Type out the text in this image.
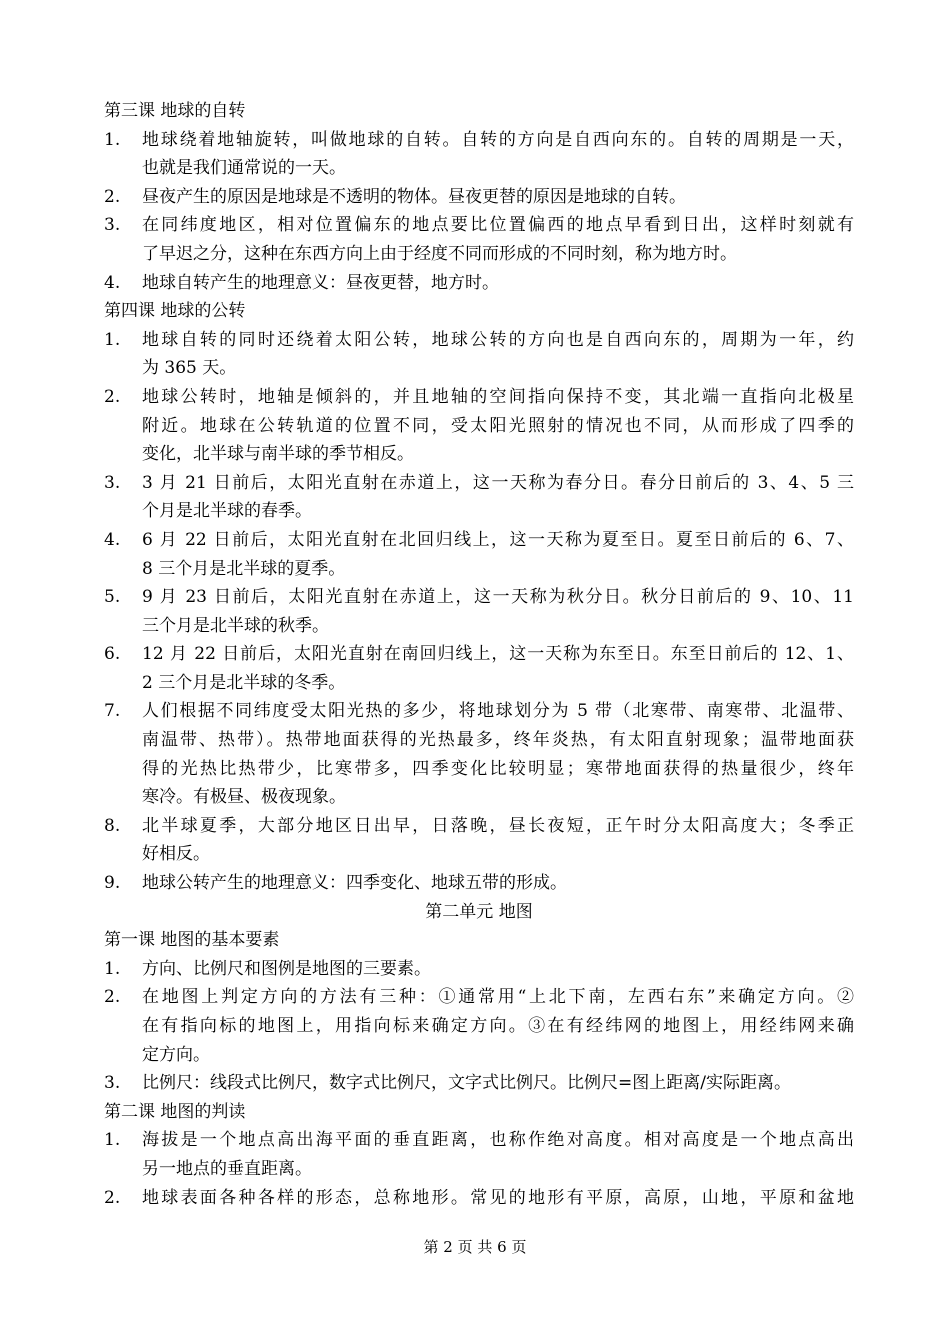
第三课 地球的自转
1.	地球绕着地轴旋转，叫做地球的自转。自转的方向是自西向东的。自转的周期是一天，
也就是我们通常说的一天。
2.	昼夜产生的原因是地球是不透明的物体。昼夜更替的原因是地球的自转。
3.	在同纬度地区，相对位置偏东的地点要比位置偏西的地点早看到日出，这样时刻就有
了早迟之分，这种在东西方向上由于经度不同而形成的不同时刻，称为地方时。
4.	地球自转产生的地理意义：昼夜更替，地方时。
第四课 地球的公转
1.	地球自转的同时还绕着太阳公转，地球公转的方向也是自西向东的，周期为一年，约
为 365 天。
2.	地球公转时，地轴是倾斜的，并且地轴的空间指向保持不变，其北端一直指向北极星
附近。地球在公转轨道的位置不同，受太阳光照射的情况也不同，从而形成了四季的
变化，北半球与南半球的季节相反。
3.	3 月 21 日前后，太阳光直射在赤道上，这一天称为春分日。春分日前后的 3、4、5 三
个月是北半球的春季。
4.	6 月 22 日前后，太阳光直射在北回归线上，这一天称为夏至日。夏至日前后的 6、7、
8 三个月是北半球的夏季。
5.	9 月 23 日前后，太阳光直射在赤道上，这一天称为秋分日。秋分日前后的 9、10、11
三个月是北半球的秋季。
6.	12 月 22 日前后，太阳光直射在南回归线上，这一天称为东至日。东至日前后的 12、1、
2 三个月是北半球的冬季。
7.	人们根据不同纬度受太阳光热的多少，将地球划分为 5 带（北寒带、南寒带、北温带、
南温带、热带）。热带地面获得的光热最多，终年炎热，有太阳直射现象；温带地面获
得的光热比热带少，比寒带多，四季变化比较明显；寒带地面获得的热量很少，终年
寒冷。有极昼、极夜现象。
8.	北半球夏季，大部分地区日出早，日落晚，昼长夜短，正午时分太阳高度大；冬季正
好相反。
9.	地球公转产生的地理意义：四季变化、地球五带的形成。
第二单元 地图
第一课 地图的基本要素
1.	方向、比例尺和图例是地图的三要素。
2.	在地图上判定方向的方法有三种：①通常用“上北下南，左西右东”来确定方向。②
在有指向标的地图上，用指向标来确定方向。③在有经纬网的地图上，用经纬网来确
定方向。
3.	比例尺：线段式比例尺，数字式比例尺，文字式比例尺。比例尺=图上距离/实际距离。
第二课 地图的判读
1.	海拔是一个地点高出海平面的垂直距离，也称作绝对高度。相对高度是一个地点高出
另一地点的垂直距离。
2.	地球表面各种各样的形态，总称地形。常见的地形有平原，高原，山地，平原和盆地
第 2 页 共 6 页
